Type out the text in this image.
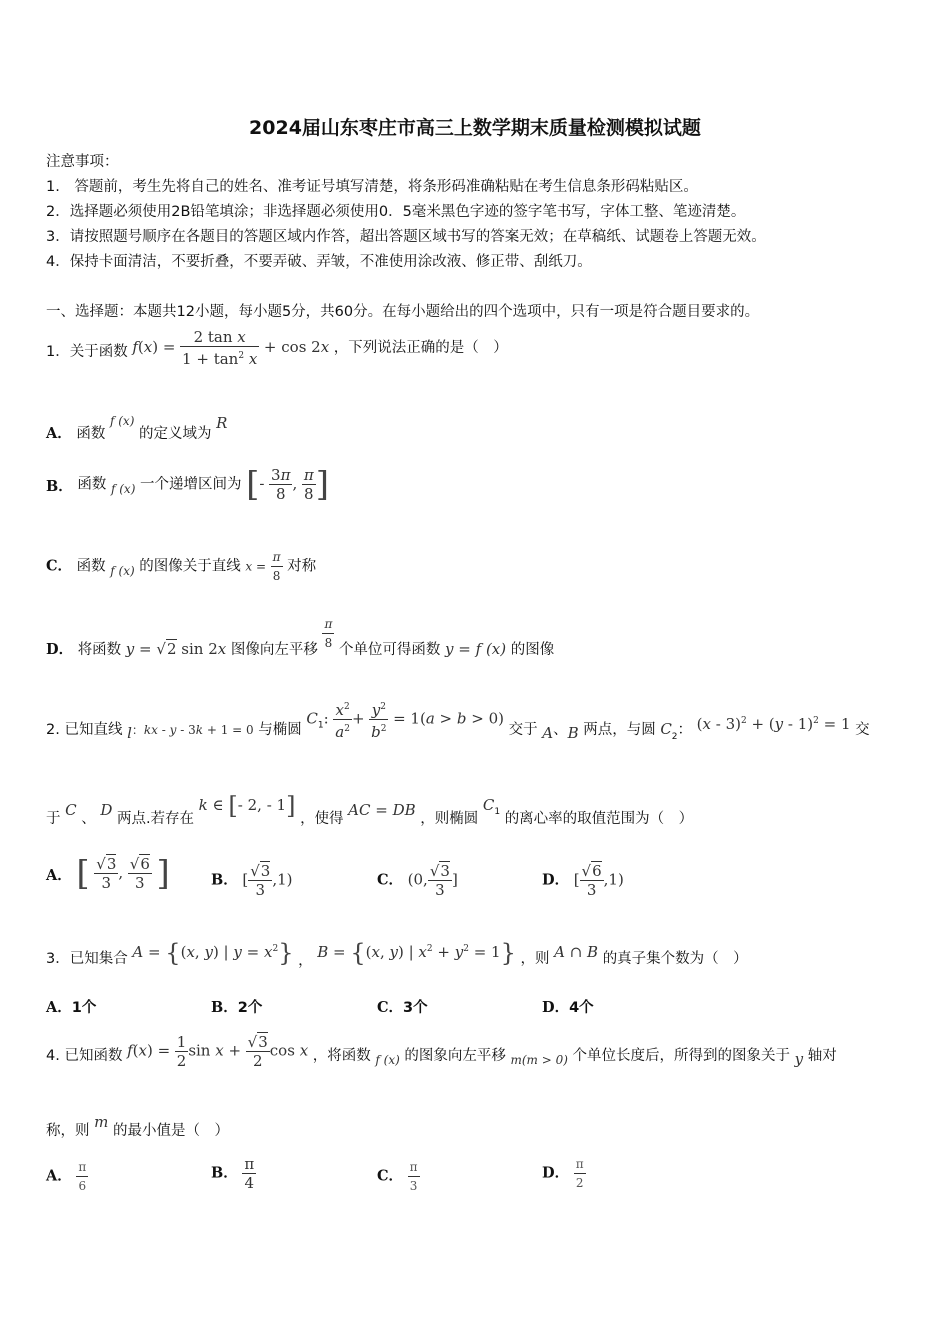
2024届山东枣庄市高三上数学期末质量检测模拟试题
注意事项：
1.　答题前，考生先将自己的姓名、准考证号填写清楚，将条形码准确粘贴在考生信息条形码粘贴区。
2．选择题必须使用2B铅笔填涂；非选择题必须使用0．5毫米黑色字迹的签字笔书写，字体工整、笔迹清楚。
3．请按照题号顺序在各题目的答题区域内作答，超出答题区域书写的答案无效；在草稿纸、试题卷上答题无效。
4．保持卡面清洁，不要折叠，不要弄破、弄皱，不准使用涂改液、修正带、刮纸刀。
一、选择题：本题共12小题，每小题5分，共60分。在每小题给出的四个选项中，只有一项是符合题目要求的。
1．关于函数 $f(x) = \frac{\text{2 tan x}}{1 + \tan^2 x} + \cos 2x$ ，下列说法正确的是（　）
A． 函数 f (x) 的定义域为 R
B． 函数 $_{f (x)}$ 一个递增区间为 [- $\frac{3\pi}{8}$ , $\frac{\pi}{8}$ ]
C． 函数 $_{f (x)}$ 的图像关于直线 $x = \frac{\pi}{8}$ 对称
D． 将函数 y = √2 sin 2x 图像向左平移 $\frac{\pi}{8}$ 个单位可得函数 y = f (x) 的图像
2. 已知直线 $l_{:kx - y - 3k + 1 = 0}$ 与椭圆 $C_1$: $\frac{x^2}{a^2} + \frac{y^2}{b^2} = 1(a > b > 0)$ 交于 A、B 两点，与圆 $C_2$： (x - 3)$^2$ + (y - 1)$^2$ = 1 交
于 C 、 D 两点.若存在 k ∈ [- 2, - 1] ，使得 AC = DB ，则椭圆 $C_1$ 的离心率的取值范围为（　）
A． [ $\frac{√3}{3}$ , $\frac{√6}{3}$ ]	B． [ $\frac{√3}{3} ,1$)	C． (0, $\frac{√3}{3}$ ]	D． [ $\frac{√6}{3} ,1$)
3．已知集合 A = {(x, y) | $y = x^2$} ， B = {(x, y) | $x^2 + y^2 = 1$} ，则 A ∩ B 的真子集个数为（　）
A．1个	B．2个	C．3个	D．4个
4. 已知函数 $f(x) = \frac{1}{2}$ $\sin x + \frac{√3}{2}$ cos x ，将函数 $_{f (x)}$ 的图象向左平移 $_{m(m > 0)}$ 个单位长度后，所得到的图象关于 y 轴对
称，则 m 的最小值是（　）
A． $\frac{\pi}{6}$	B． $\frac{\pi}{4}$	C． $\frac{\pi}{3}$	D． $\frac{\pi}{2}$
